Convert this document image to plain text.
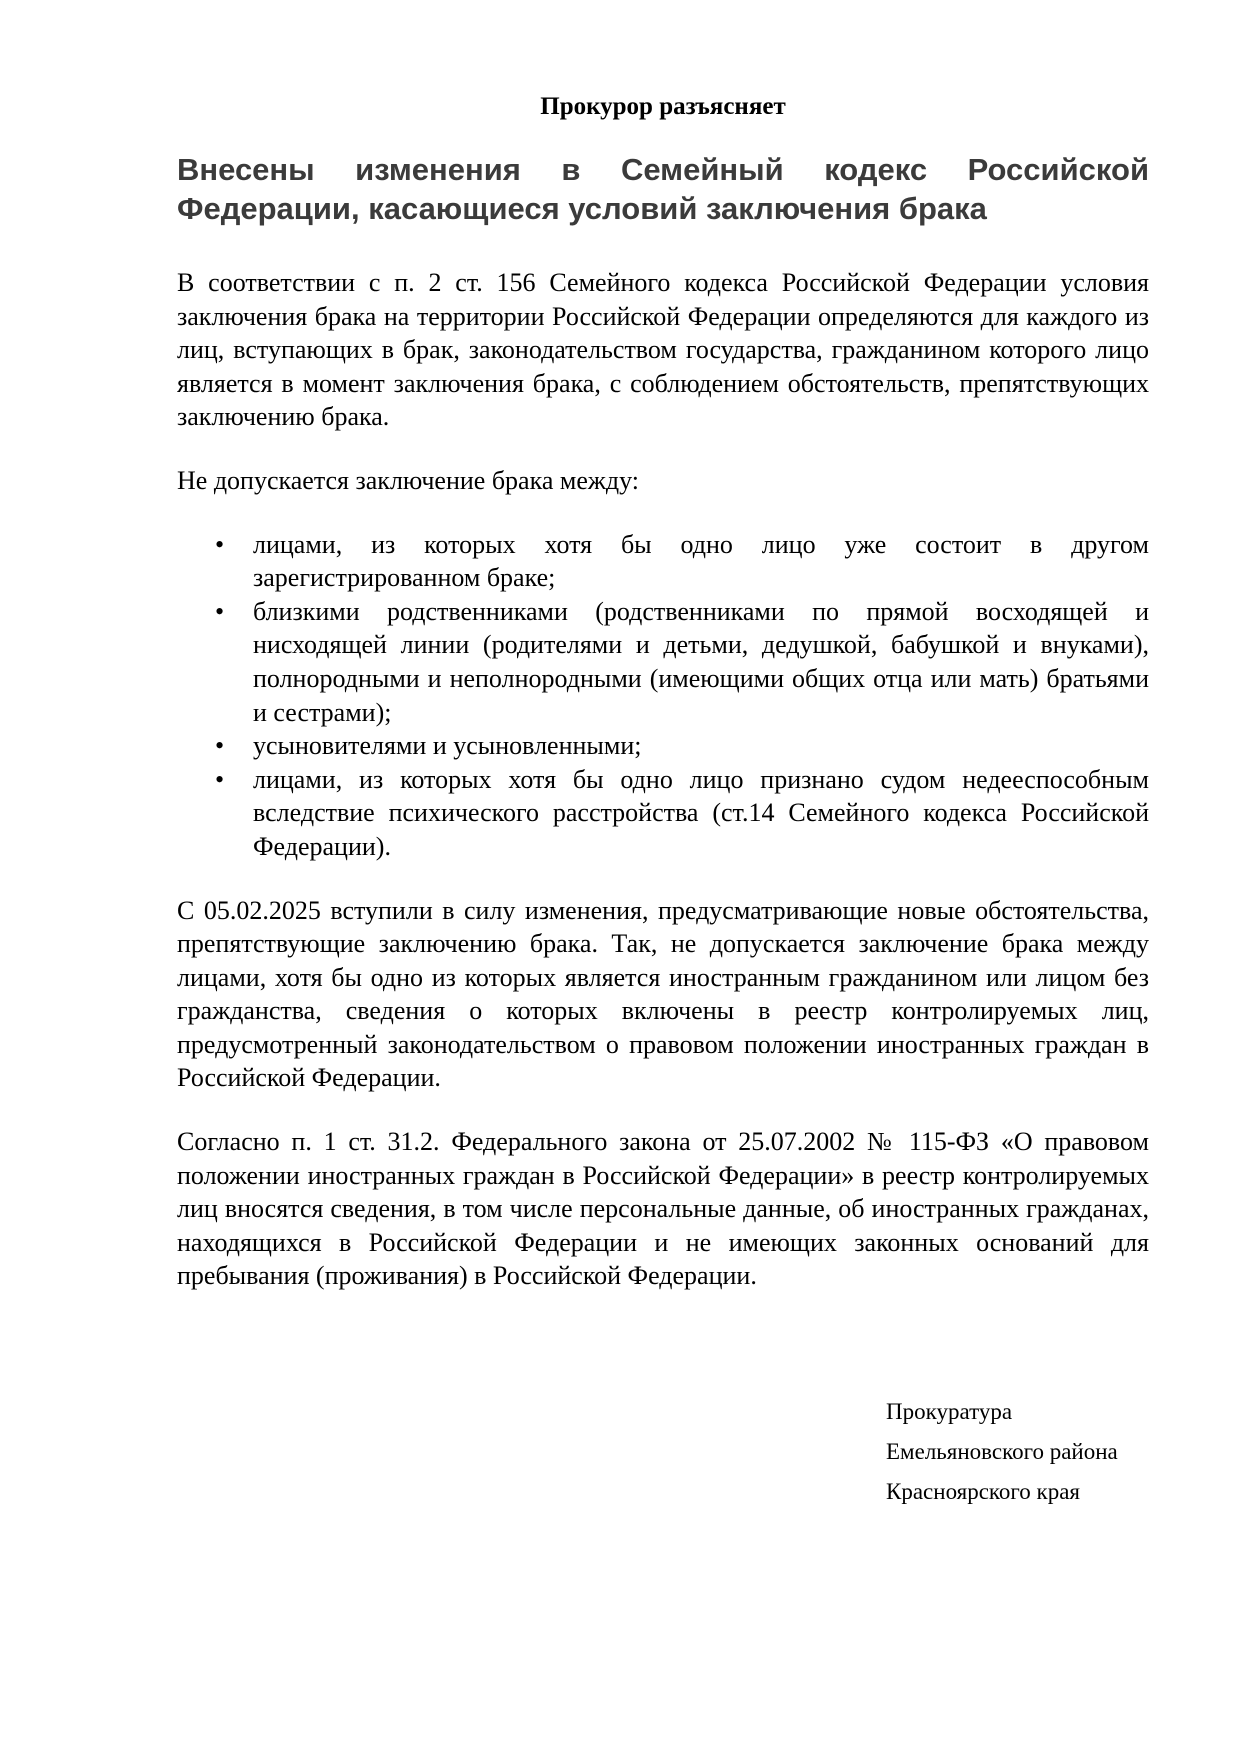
Прокурор разъясняет
Внесены изменения в Семейный кодекс Российской Федерации, касающиеся условий заключения брака

В соответствии с п. 2 ст. 156 Семейного кодекса Российской Федерации условия заключения брака на территории Российской Федерации определяются для каждого из лиц, вступающих в брак, законодательством государства, гражданином которого лицо является в момент заключения брака, с соблюдением обстоятельств, препятствующих заключению брака.

Не допускается заключение брака между:

• лицами, из которых хотя бы одно лицо уже состоит в другом зарегистрированном браке;
• близкими родственниками (родственниками по прямой восходящей и нисходящей линии (родителями и детьми, дедушкой, бабушкой и внуками), полнородными и неполнородными (имеющими общих отца или мать) братьями и сестрами);
• усыновителями и усыновленными;
• лицами, из которых хотя бы одно лицо признано судом недееспособным вследствие психического расстройства (ст.14 Семейного кодекса Российской Федерации).

С 05.02.2025 вступили в силу изменения, предусматривающие новые обстоятельства, препятствующие заключению брака. Так, не допускается заключение брака между лицами, хотя бы одно из которых является иностранным гражданином или лицом без гражданства, сведения о которых включены в реестр контролируемых лиц, предусмотренный законодательством о правовом положении иностранных граждан в Российской Федерации.

Согласно п. 1 ст. 31.2. Федерального закона от 25.07.2002 № 115-ФЗ «О правовом положении иностранных граждан в Российской Федерации» в реестр контролируемых лиц вносятся сведения, в том числе персональные данные, об иностранных гражданах, находящихся в Российской Федерации и не имеющих законных оснований для пребывания (проживания) в Российской Федерации.

Прокуратура
Емельяновского района
Красноярского края
